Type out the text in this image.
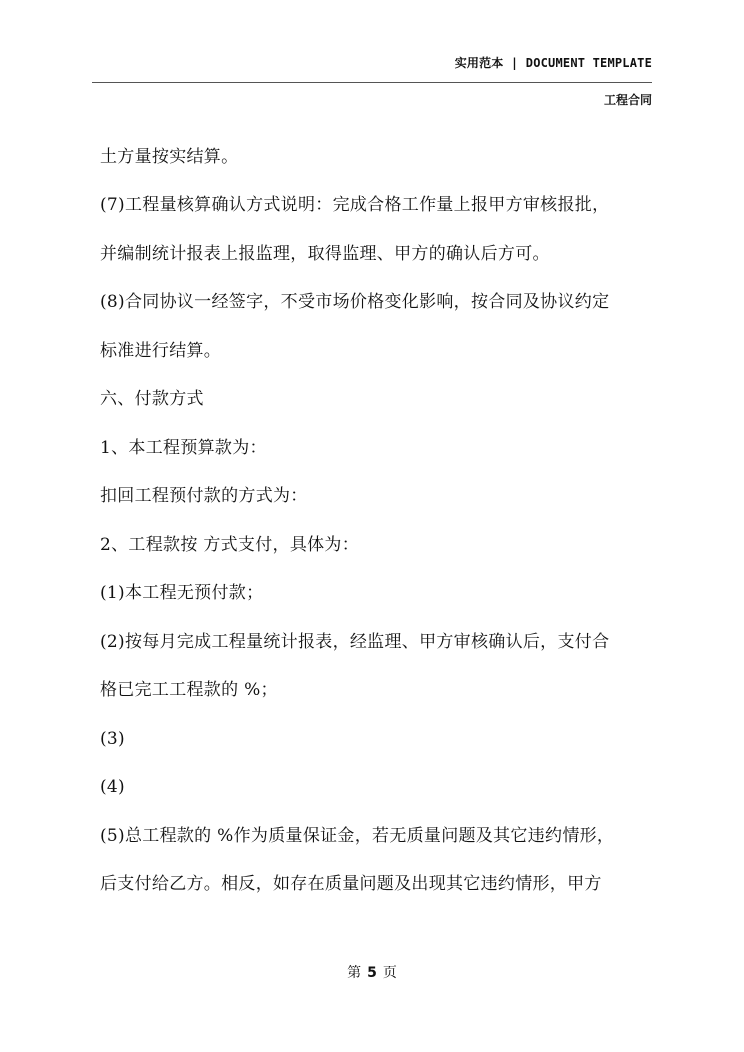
实用范本 | DOCUMENT TEMPLATE
工程合同
土方量按实结算。
(7)工程量核算确认方式说明：完成合格工作量上报甲方审核报批，
并编制统计报表上报监理，取得监理、甲方的确认后方可。
(8)合同协议一经签字，不受市场价格变化影响，按合同及协议约定
标准进行结算。
六、付款方式
1、本工程预算款为：
扣回工程预付款的方式为：
2、工程款按 方式支付，具体为：
(1)本工程无预付款；
(2)按每月完成工程量统计报表，经监理、甲方审核确认后，支付合
格已完工工程款的 %；
(3)
(4)
(5)总工程款的 %作为质量保证金，若无质量问题及其它违约情形，
后支付给乙方。相反，如存在质量问题及出现其它违约情形，甲方
第 5 页
